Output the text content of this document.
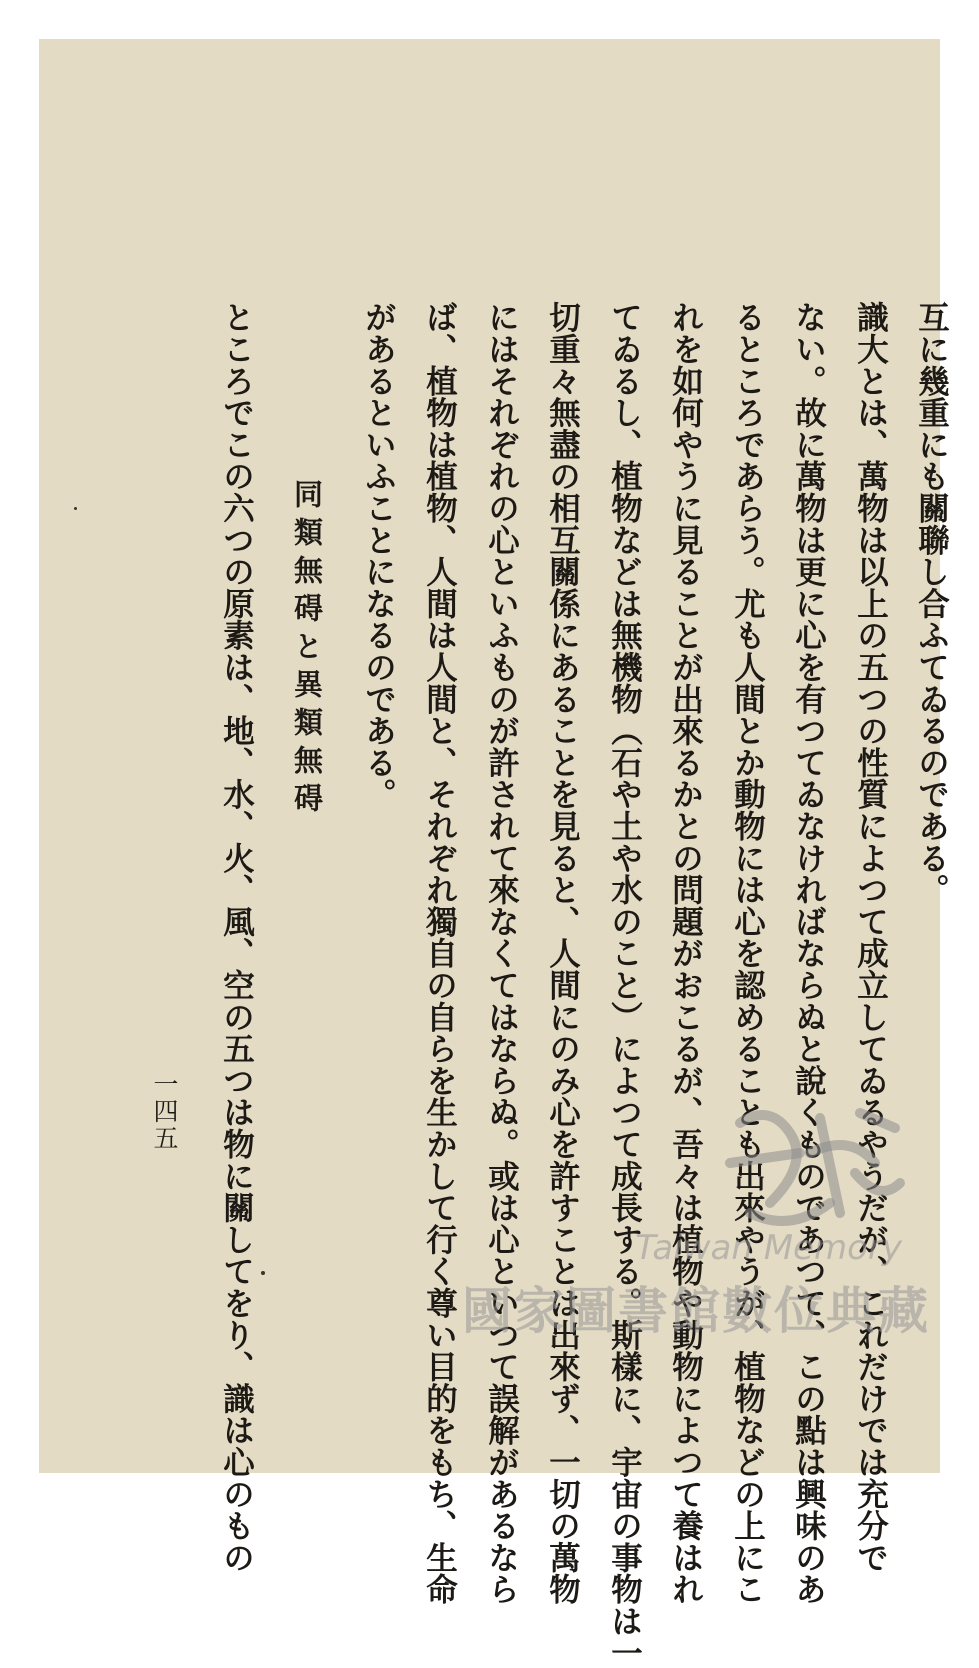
互に幾重にも關聯し合ふてゐるのである。
識大とは、萬物は以上の五つの性質によつて成立してゐるやうだが、これだけでは充分で
ない。故に萬物は更に心を有つてゐなければならぬと說くものであつて、この點は興味のあ
るところであらう。尤も人間とか動物には心を認めることも出來やうが、植物などの上にこ
れを如何やうに見ることが出來るかとの問題がおこるが、吾々は植物や動物によつて養はれ
てゐるし、植物などは無機物（石や土や水のこと）によつて成長する。斯樣に、宇宙の事物は一
切重々無盡の相互關係にあることを見ると、人間にのみ心を許すことは出來ず、一切の萬物
にはそれぞれの心といふものが許されて來なくてはならぬ。或は心といつて誤解があるなら
ば、植物は植物、人間は人間と、それぞれ獨自の自らを生かして行く尊い目的をもち、生命
があるといふことになるのである。
同類無碍と異類無碍
ところでこの六つの原素は、地、水、火、風、空の五つは物に關してをり、識は心のもの
一四五
Taiwan Memory
國家圖書館數位典藏
